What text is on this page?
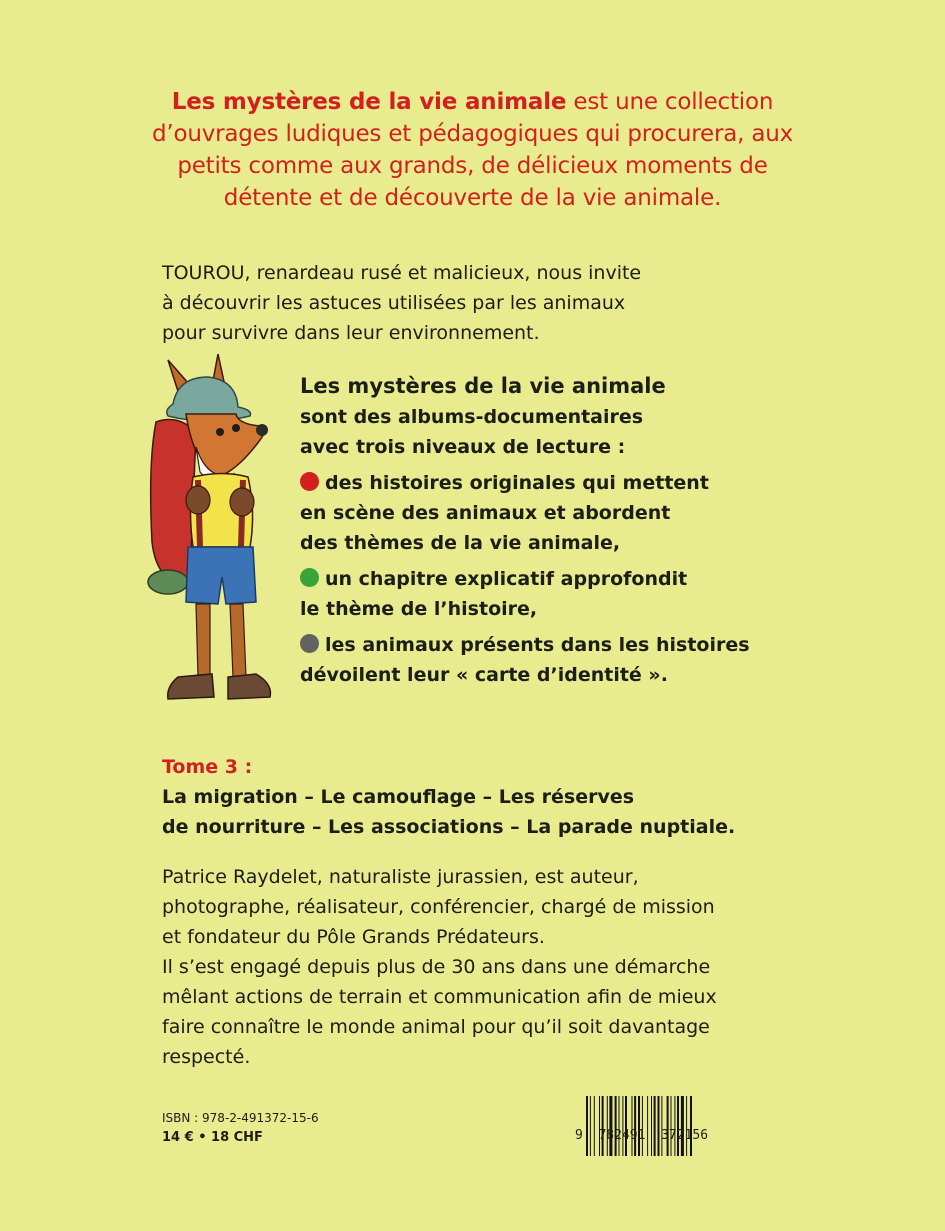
Les mystères de la vie animale est une collection d’ouvrages ludiques et pédagogiques qui procurera, aux petits comme aux grands, de délicieux moments de détente et de découverte de la vie animale.
TOUROU, renardeau rusé et malicieux, nous invite
à découvrir les astuces utilisées par les animaux
pour survivre dans leur environnement.
Les mystères de la vie animale
sont des albums-documentaires
avec trois niveaux de lecture :
des histoires originales qui mettent
en scène des animaux et abordent
des thèmes de la vie animale,
un chapitre explicatif approfondit
le thème de l’histoire,
les animaux présents dans les histoires
dévoilent leur « carte d’identité ».
Tome 3 :
La migration – Le camouflage – Les réserves
de nourriture – Les associations – La parade nuptiale.
Patrice Raydelet, naturaliste jurassien, est auteur,
photographe, réalisateur, conférencier, chargé de mission
et fondateur du Pôle Grands Prédateurs.
Il s’est engagé depuis plus de 30 ans dans une démarche
mêlant actions de terrain et communication afin de mieux
faire connaître le monde animal pour qu’il soit davantage
respecté.
ISBN : 978-2-491372-15-6
14 € • 18 CHF	9  782491  372156
